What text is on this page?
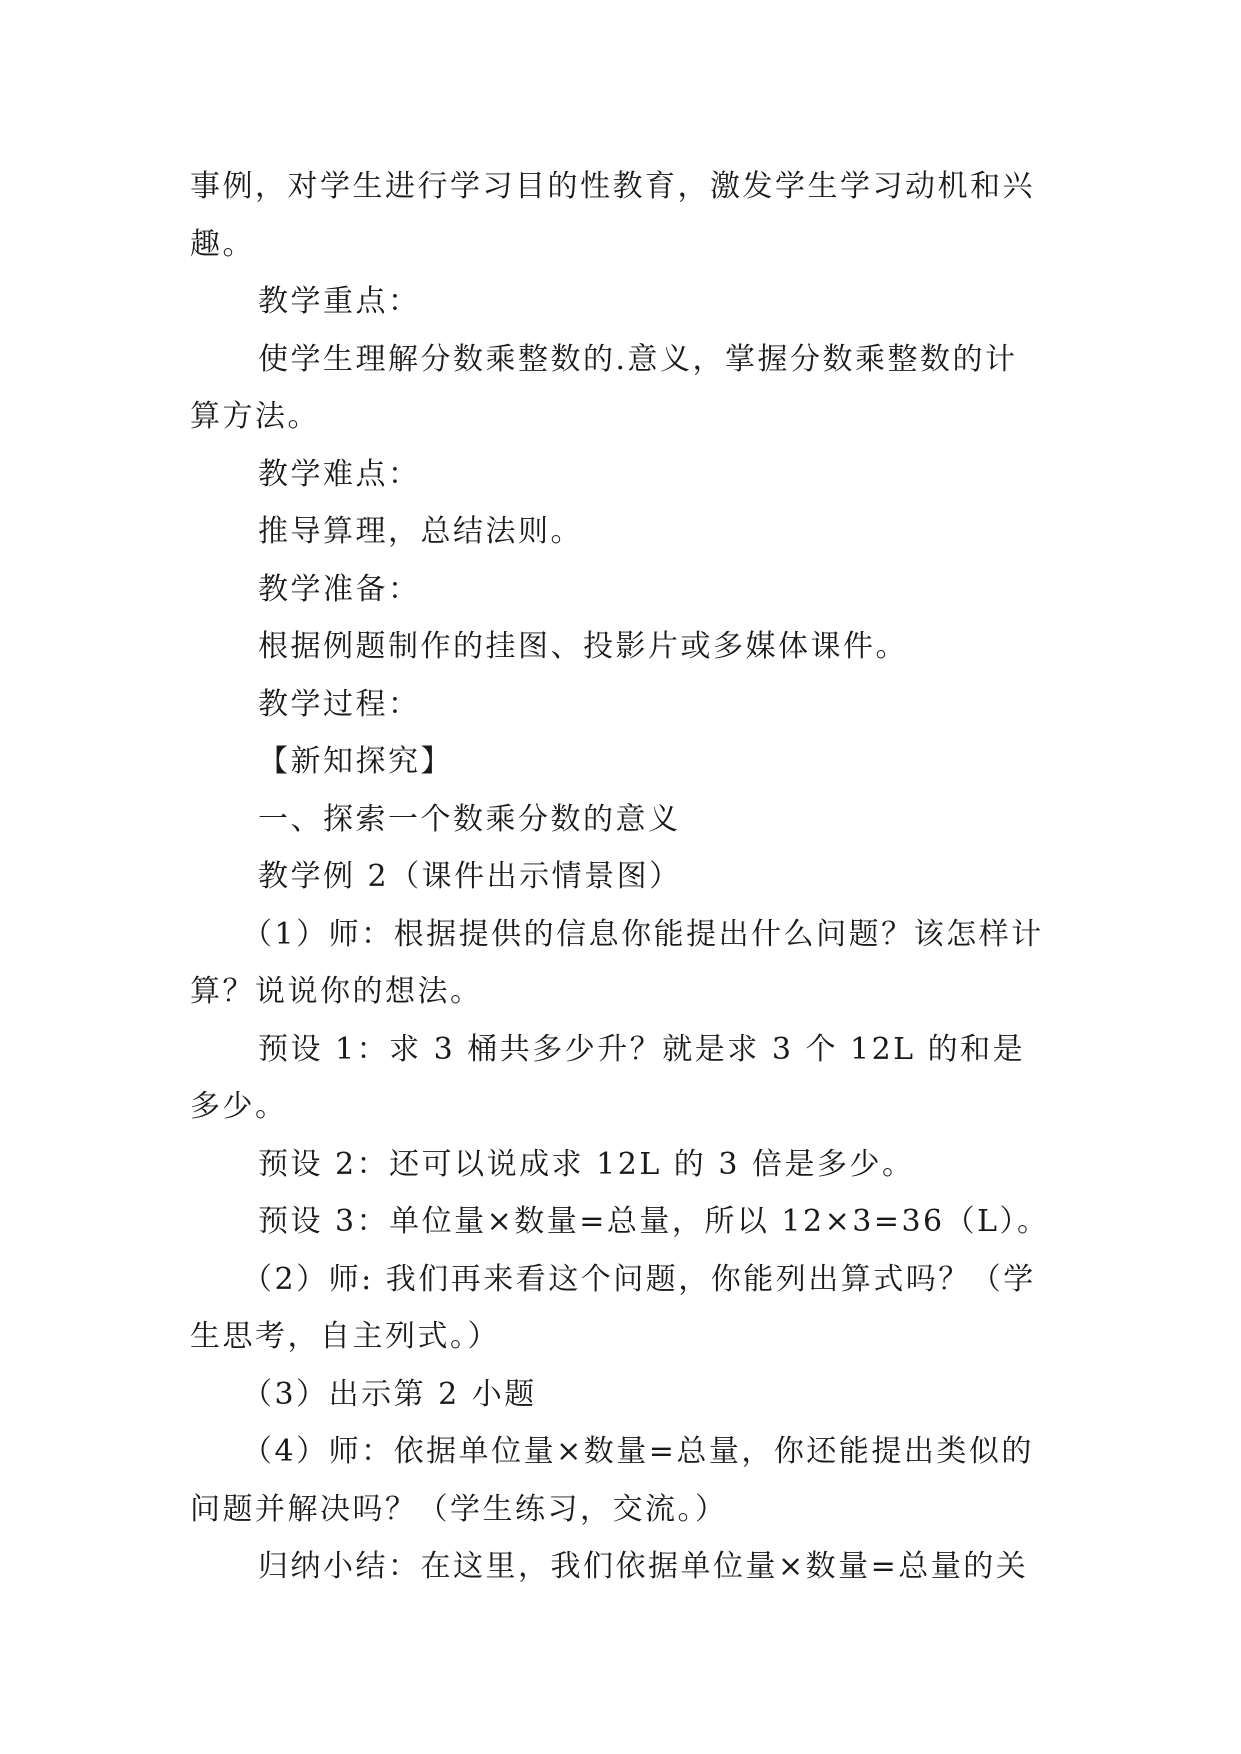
事例，对学生进行学习目的性教育，激发学生学习动机和兴趣。

教学重点：

使学生理解分数乘整数的.意义，掌握分数乘整数的计算方法。

教学难点：

推导算理，总结法则。

教学准备：

根据例题制作的挂图、投影片或多媒体课件。

教学过程：

【新知探究】

一、探索一个数乘分数的意义

教学例 2（课件出示情景图）

（1）师：根据提供的信息你能提出什么问题？该怎样计算？说说你的想法。

预设 1：求 3 桶共多少升？就是求 3 个 12L 的和是多少。

预设 2：还可以说成求 12L 的 3 倍是多少。

预设 3：单位量×数量=总量，所以 12×3=36（L）。

（2）师: 我们再来看这个问题，你能列出算式吗？（学生思考，自主列式。）

（3）出示第 2 小题

（4）师：依据单位量×数量=总量，你还能提出类似的问题并解决吗？（学生练习，交流。）

归纳小结：在这里，我们依据单位量×数量=总量的关
